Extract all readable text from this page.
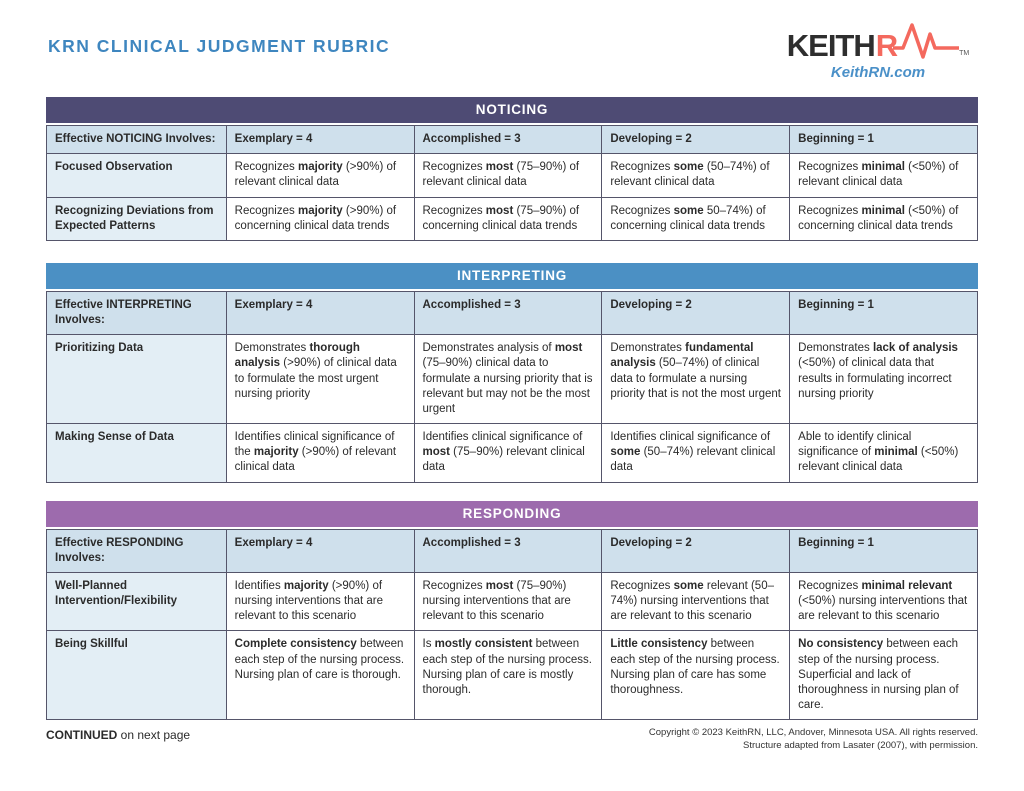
KRN CLINICAL JUDGMENT RUBRIC	KEITH R	TM
KeithRN.com
NOTICING
Effective NOTICING Involves:	Exemplary = 4	Accomplished = 3	Developing = 2	Beginning = 1
Focused Observation	Recognizes majority (>90%) of relevant clinical data	Recognizes most (75–90%) of relevant clinical data	Recognizes some (50–74%) of relevant clinical data	Recognizes minimal (<50%) of relevant clinical data
Recognizing Deviations from Expected Patterns	Recognizes majority (>90%) of concerning clinical data trends	Recognizes most (75–90%) of concerning clinical data trends	Recognizes some 50–74%) of concerning clinical data trends	Recognizes minimal (<50%) of concerning clinical data trends
INTERPRETING
Effective INTERPRETING Involves:	Exemplary = 4	Accomplished = 3	Developing = 2	Beginning = 1
Prioritizing Data	Demonstrates thorough analysis (>90%) of clinical data to formulate the most urgent nursing priority	Demonstrates analysis of most (75–90%) clinical data to formulate a nursing priority that is relevant but may not be the most urgent	Demonstrates fundamental analysis (50–74%) of clinical data to formulate a nursing priority that is not the most urgent	Demonstrates lack of analysis (<50%) of clinical data that results in formulating incorrect nursing priority
Making Sense of Data	Identifies clinical significance of the majority (>90%) of relevant clinical data	Identifies clinical significance of most (75–90%) relevant clinical data	Identifies clinical significance of some (50–74%) relevant clinical data	Able to identify clinical significance of minimal (<50%) relevant clinical data
RESPONDING
Effective RESPONDING Involves:	Exemplary = 4	Accomplished = 3	Developing = 2	Beginning = 1
Well-Planned Intervention/Flexibility	Identifies majority (>90%) of nursing interventions that are relevant to this scenario	Recognizes most (75–90%) nursing interventions that are relevant to this scenario	Recognizes some relevant (50–74%) nursing interventions that are relevant to this scenario	Recognizes minimal relevant (<50%) nursing interventions that are relevant to this scenario
Being Skillful	Complete consistency between each step of the nursing process. Nursing plan of care is thorough.	Is mostly consistent between each step of the nursing process. Nursing plan of care is mostly thorough.	Little consistency between each step of the nursing process. Nursing plan of care has some thoroughness.	No consistency between each step of the nursing process. Superficial and lack of thoroughness in nursing plan of care.
CONTINUED on next page	Copyright © 2023 KeithRN, LLC, Andover, Minnesota USA. All rights reserved.
Structure adapted from Lasater (2007), with permission.
